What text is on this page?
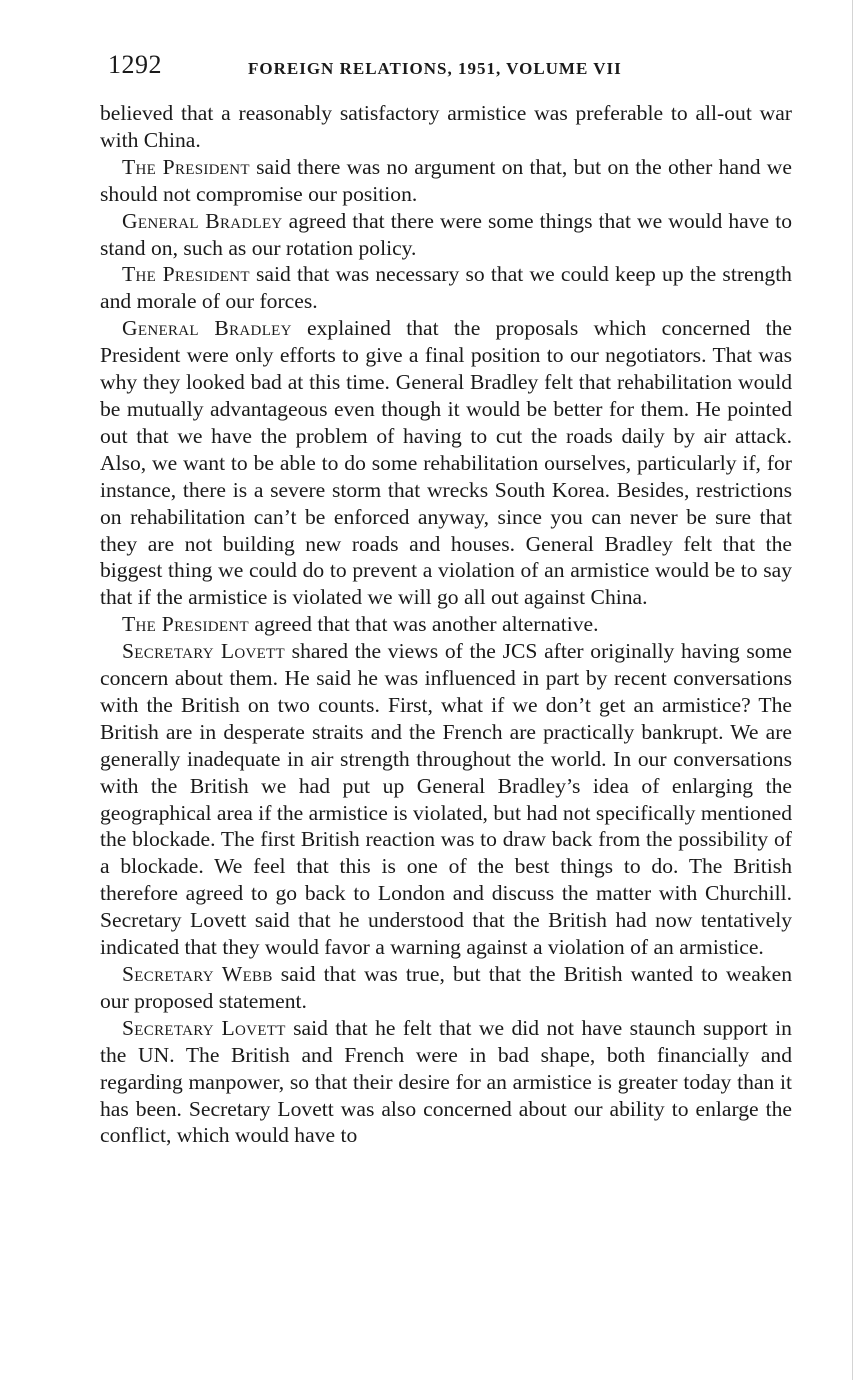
1292	FOREIGN RELATIONS, 1951, VOLUME VII

believed that a reasonably satisfactory armistice was preferable to all-out war with China.

The President said there was no argument on that, but on the other hand we should not compromise our position.

General Bradley agreed that there were some things that we would have to stand on, such as our rotation policy.

The President said that was necessary so that we could keep up the strength and morale of our forces.

General Bradley explained that the proposals which concerned the President were only efforts to give a final position to our negotiators. That was why they looked bad at this time. General Bradley felt that rehabilitation would be mutually advantageous even though it would be better for them. He pointed out that we have the problem of having to cut the roads daily by air attack. Also, we want to be able to do some rehabilitation ourselves, particularly if, for instance, there is a severe storm that wrecks South Korea. Besides, restrictions on rehabilitation can’t be enforced anyway, since you can never be sure that they are not building new roads and houses. General Bradley felt that the biggest thing we could do to prevent a violation of an armistice would be to say that if the armistice is violated we will go all out against China.

The President agreed that that was another alternative.

Secretary Lovett shared the views of the JCS after originally having some concern about them. He said he was influenced in part by recent conversations with the British on two counts. First, what if we don’t get an armistice? The British are in desperate straits and the French are practically bankrupt. We are generally inadequate in air strength throughout the world. In our conversations with the British we had put up General Bradley’s idea of enlarging the geographical area if the armistice is violated, but had not specifically mentioned the blockade. The first British reaction was to draw back from the possibility of a blockade. We feel that this is one of the best things to do. The British therefore agreed to go back to London and discuss the matter with Churchill. Secretary Lovett said that he understood that the British had now tentatively indicated that they would favor a warning against a violation of an armistice.

Secretary Webb said that was true, but that the British wanted to weaken our proposed statement.

Secretary Lovett said that he felt that we did not have staunch support in the UN. The British and French were in bad shape, both financially and regarding manpower, so that their desire for an armistice is greater today than it has been. Secretary Lovett was also concerned about our ability to enlarge the conflict, which would have to
